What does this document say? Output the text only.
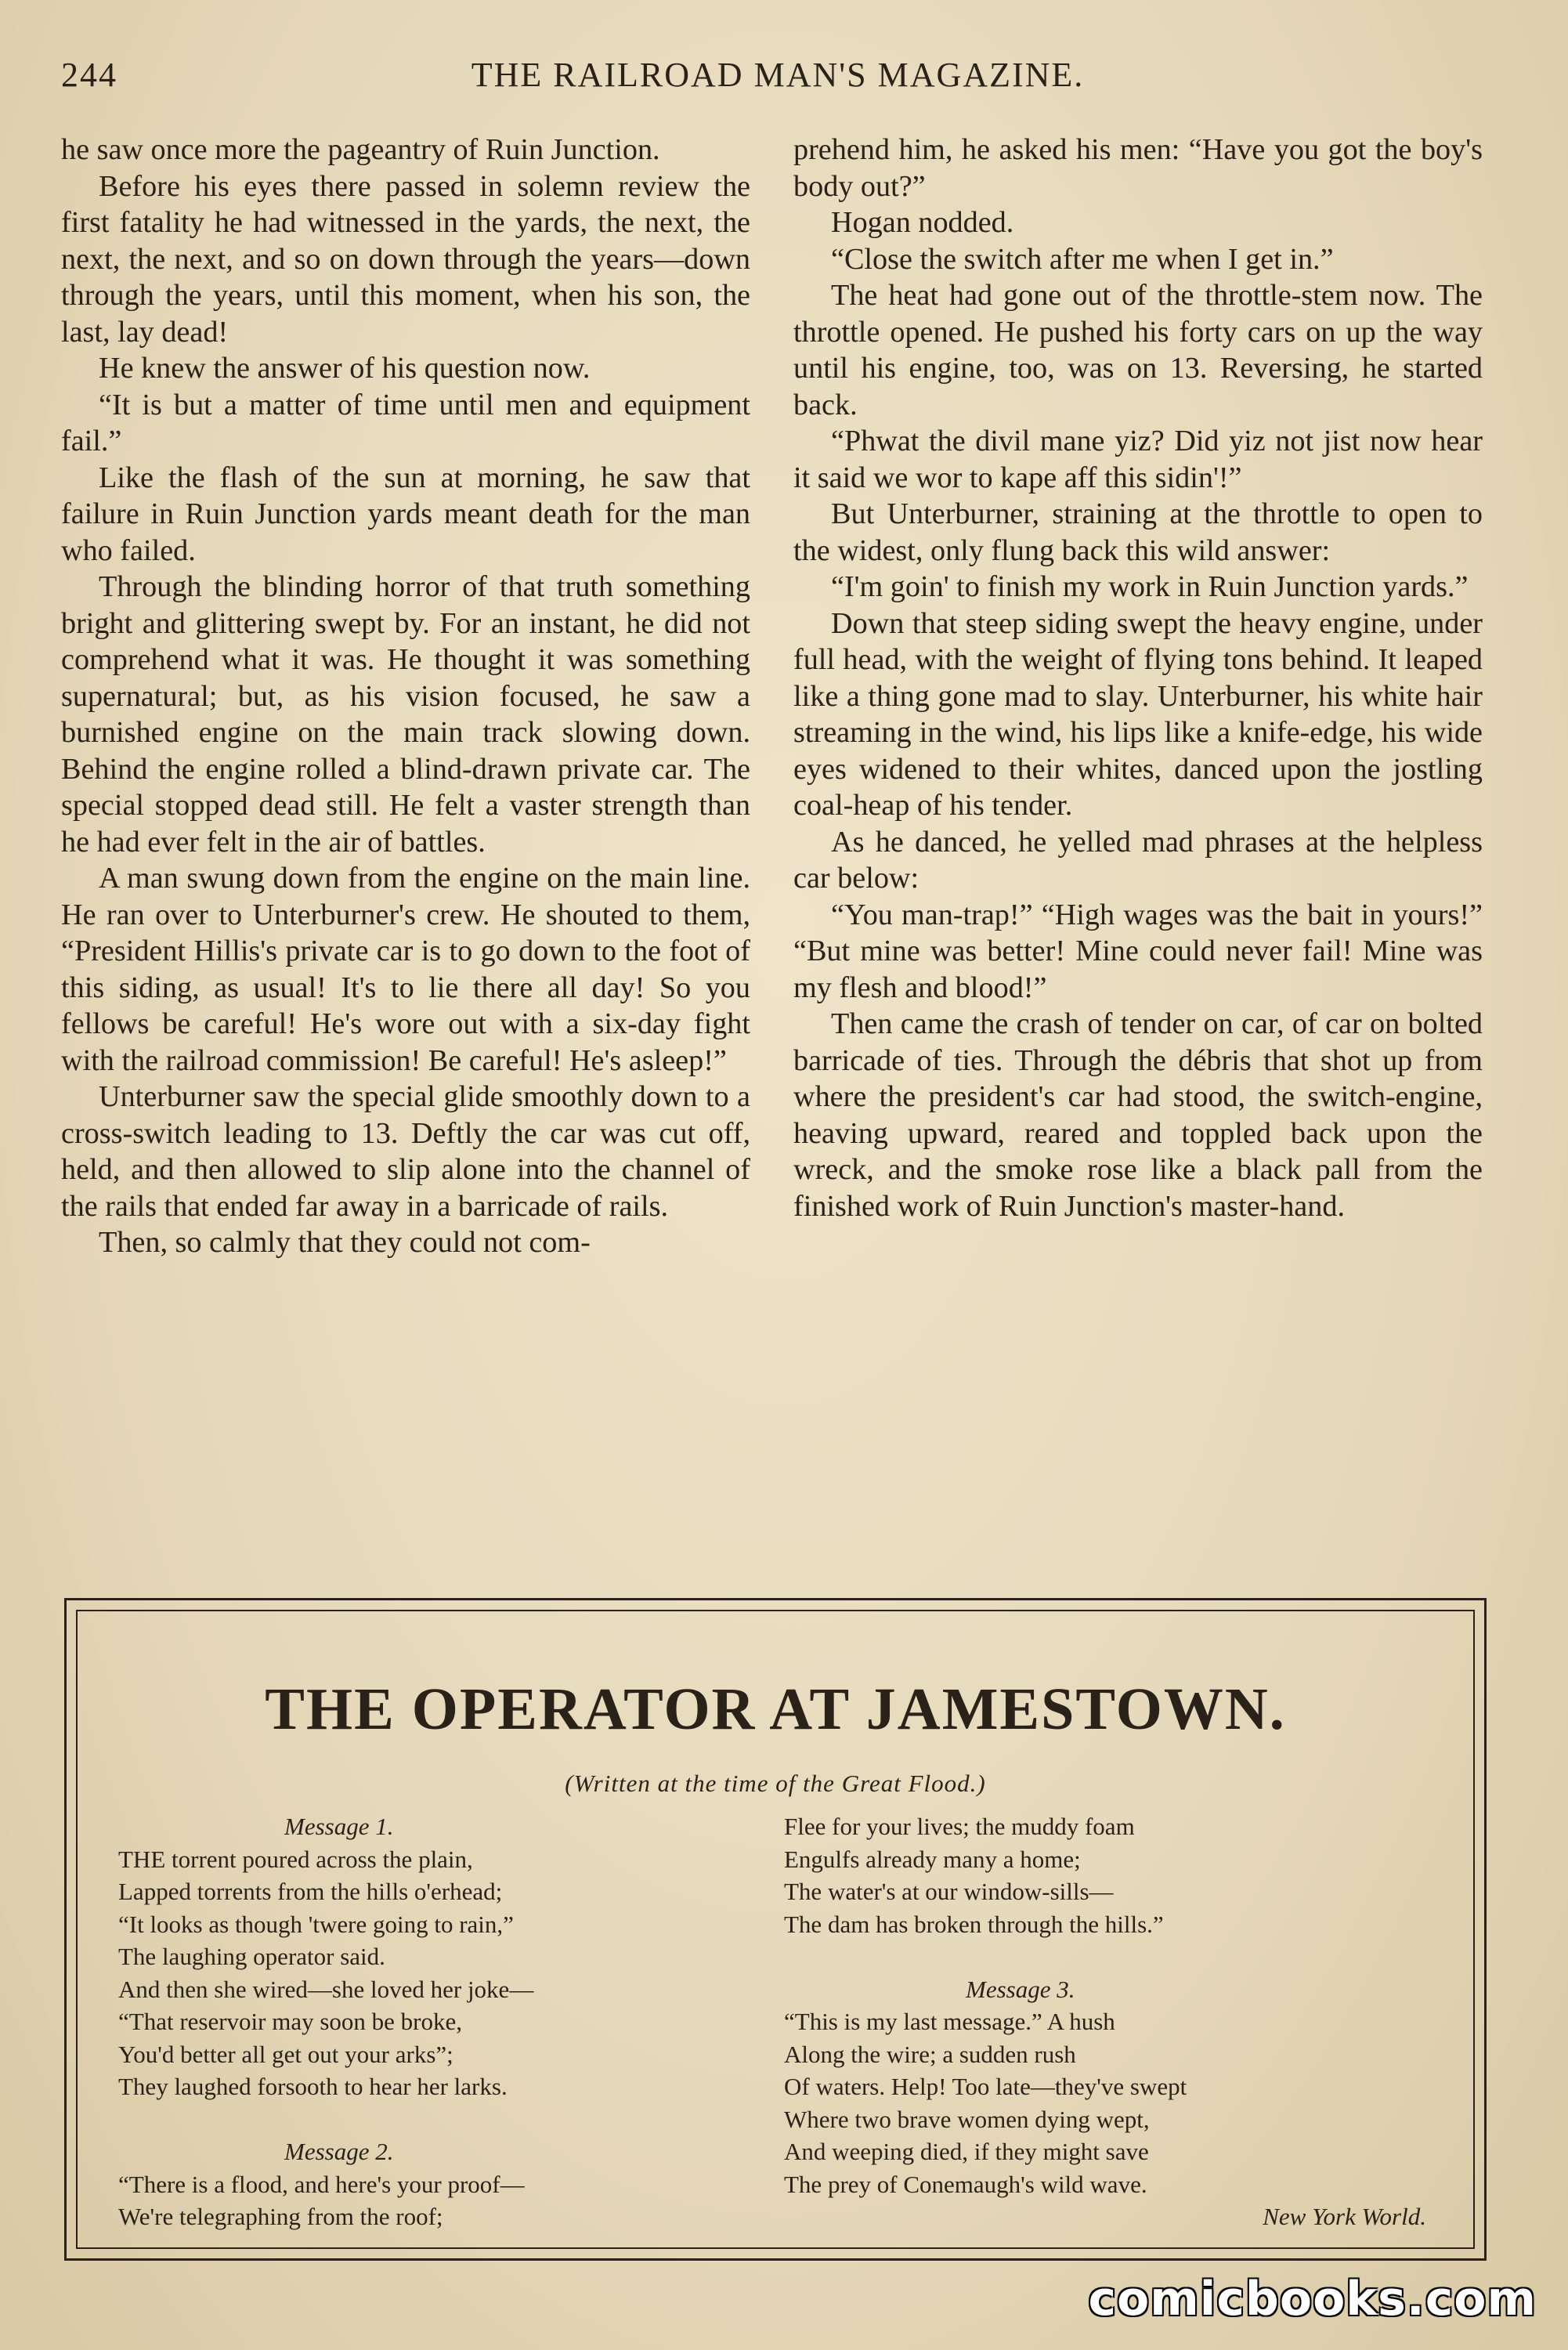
244	THE RAILROAD MAN'S MAGAZINE.

he saw once more the pageantry of Ruin Junction.

Before his eyes there passed in solemn review the first fatality he had witnessed in the yards, the next, the next, the next, and so on down through the years—down through the years, until this moment, when his son, the last, lay dead!

He knew the answer of his question now.

“It is but a matter of time until men and equipment fail.”

Like the flash of the sun at morning, he saw that failure in Ruin Junction yards meant death for the man who failed.

Through the blinding horror of that truth something bright and glittering swept by. For an instant, he did not comprehend what it was. He thought it was something supernatural; but, as his vision focused, he saw a burnished engine on the main track slowing down. Behind the engine rolled a blind-drawn private car. The special stopped dead still. He felt a vaster strength than he had ever felt in the air of battles.

A man swung down from the engine on the main line. He ran over to Unterburner's crew. He shouted to them, “President Hillis's private car is to go down to the foot of this siding, as usual! It's to lie there all day! So you fellows be careful! He's wore out with a six-day fight with the railroad commission! Be careful! He's asleep!”

Unterburner saw the special glide smoothly down to a cross-switch leading to 13. Deftly the car was cut off, held, and then allowed to slip alone into the channel of the rails that ended far away in a barricade of rails.

Then, so calmly that they could not com-

prehend him, he asked his men: “Have you got the boy's body out?”

Hogan nodded.

“Close the switch after me when I get in.”

The heat had gone out of the throttle-stem now. The throttle opened. He pushed his forty cars on up the way until his engine, too, was on 13. Reversing, he started back.

“Phwat the divil mane yiz? Did yiz not jist now hear it said we wor to kape aff this sidin'!”

But Unterburner, straining at the throttle to open to the widest, only flung back this wild answer:

“I'm goin' to finish my work in Ruin Junction yards.”

Down that steep siding swept the heavy engine, under full head, with the weight of flying tons behind. It leaped like a thing gone mad to slay. Unterburner, his white hair streaming in the wind, his lips like a knife-edge, his wide eyes widened to their whites, danced upon the jostling coal-heap of his tender.

As he danced, he yelled mad phrases at the helpless car below:

“You man-trap!” “High wages was the bait in yours!” “But mine was better! Mine could never fail! Mine was my flesh and blood!”

Then came the crash of tender on car, of car on bolted barricade of ties. Through the débris that shot up from where the president's car had stood, the switch-engine, heaving upward, reared and toppled back upon the wreck, and the smoke rose like a black pall from the finished work of Ruin Junction's master-hand.

THE OPERATOR AT JAMESTOWN.
(Written at the time of the Great Flood.)
Message 1.
THE torrent poured across the plain,
Lapped torrents from the hills o'erhead;
“It looks as though 'twere going to rain,”
The laughing operator said.
And then she wired—she loved her joke—
“That reservoir may soon be broke,
You'd better all get out your arks”;
They laughed forsooth to hear her larks.
Message 2.
“There is a flood, and here's your proof—
We're telegraphing from the roof;
Flee for your lives; the muddy foam
Engulfs already many a home;
The water's at our window-sills—
The dam has broken through the hills.”
Message 3.
“This is my last message.” A hush
Along the wire; a sudden rush
Of waters. Help! Too late—they've swept
Where two brave women dying wept,
And weeping died, if they might save
The prey of Conemaugh's wild wave.
New York World.
comicbooks.com
